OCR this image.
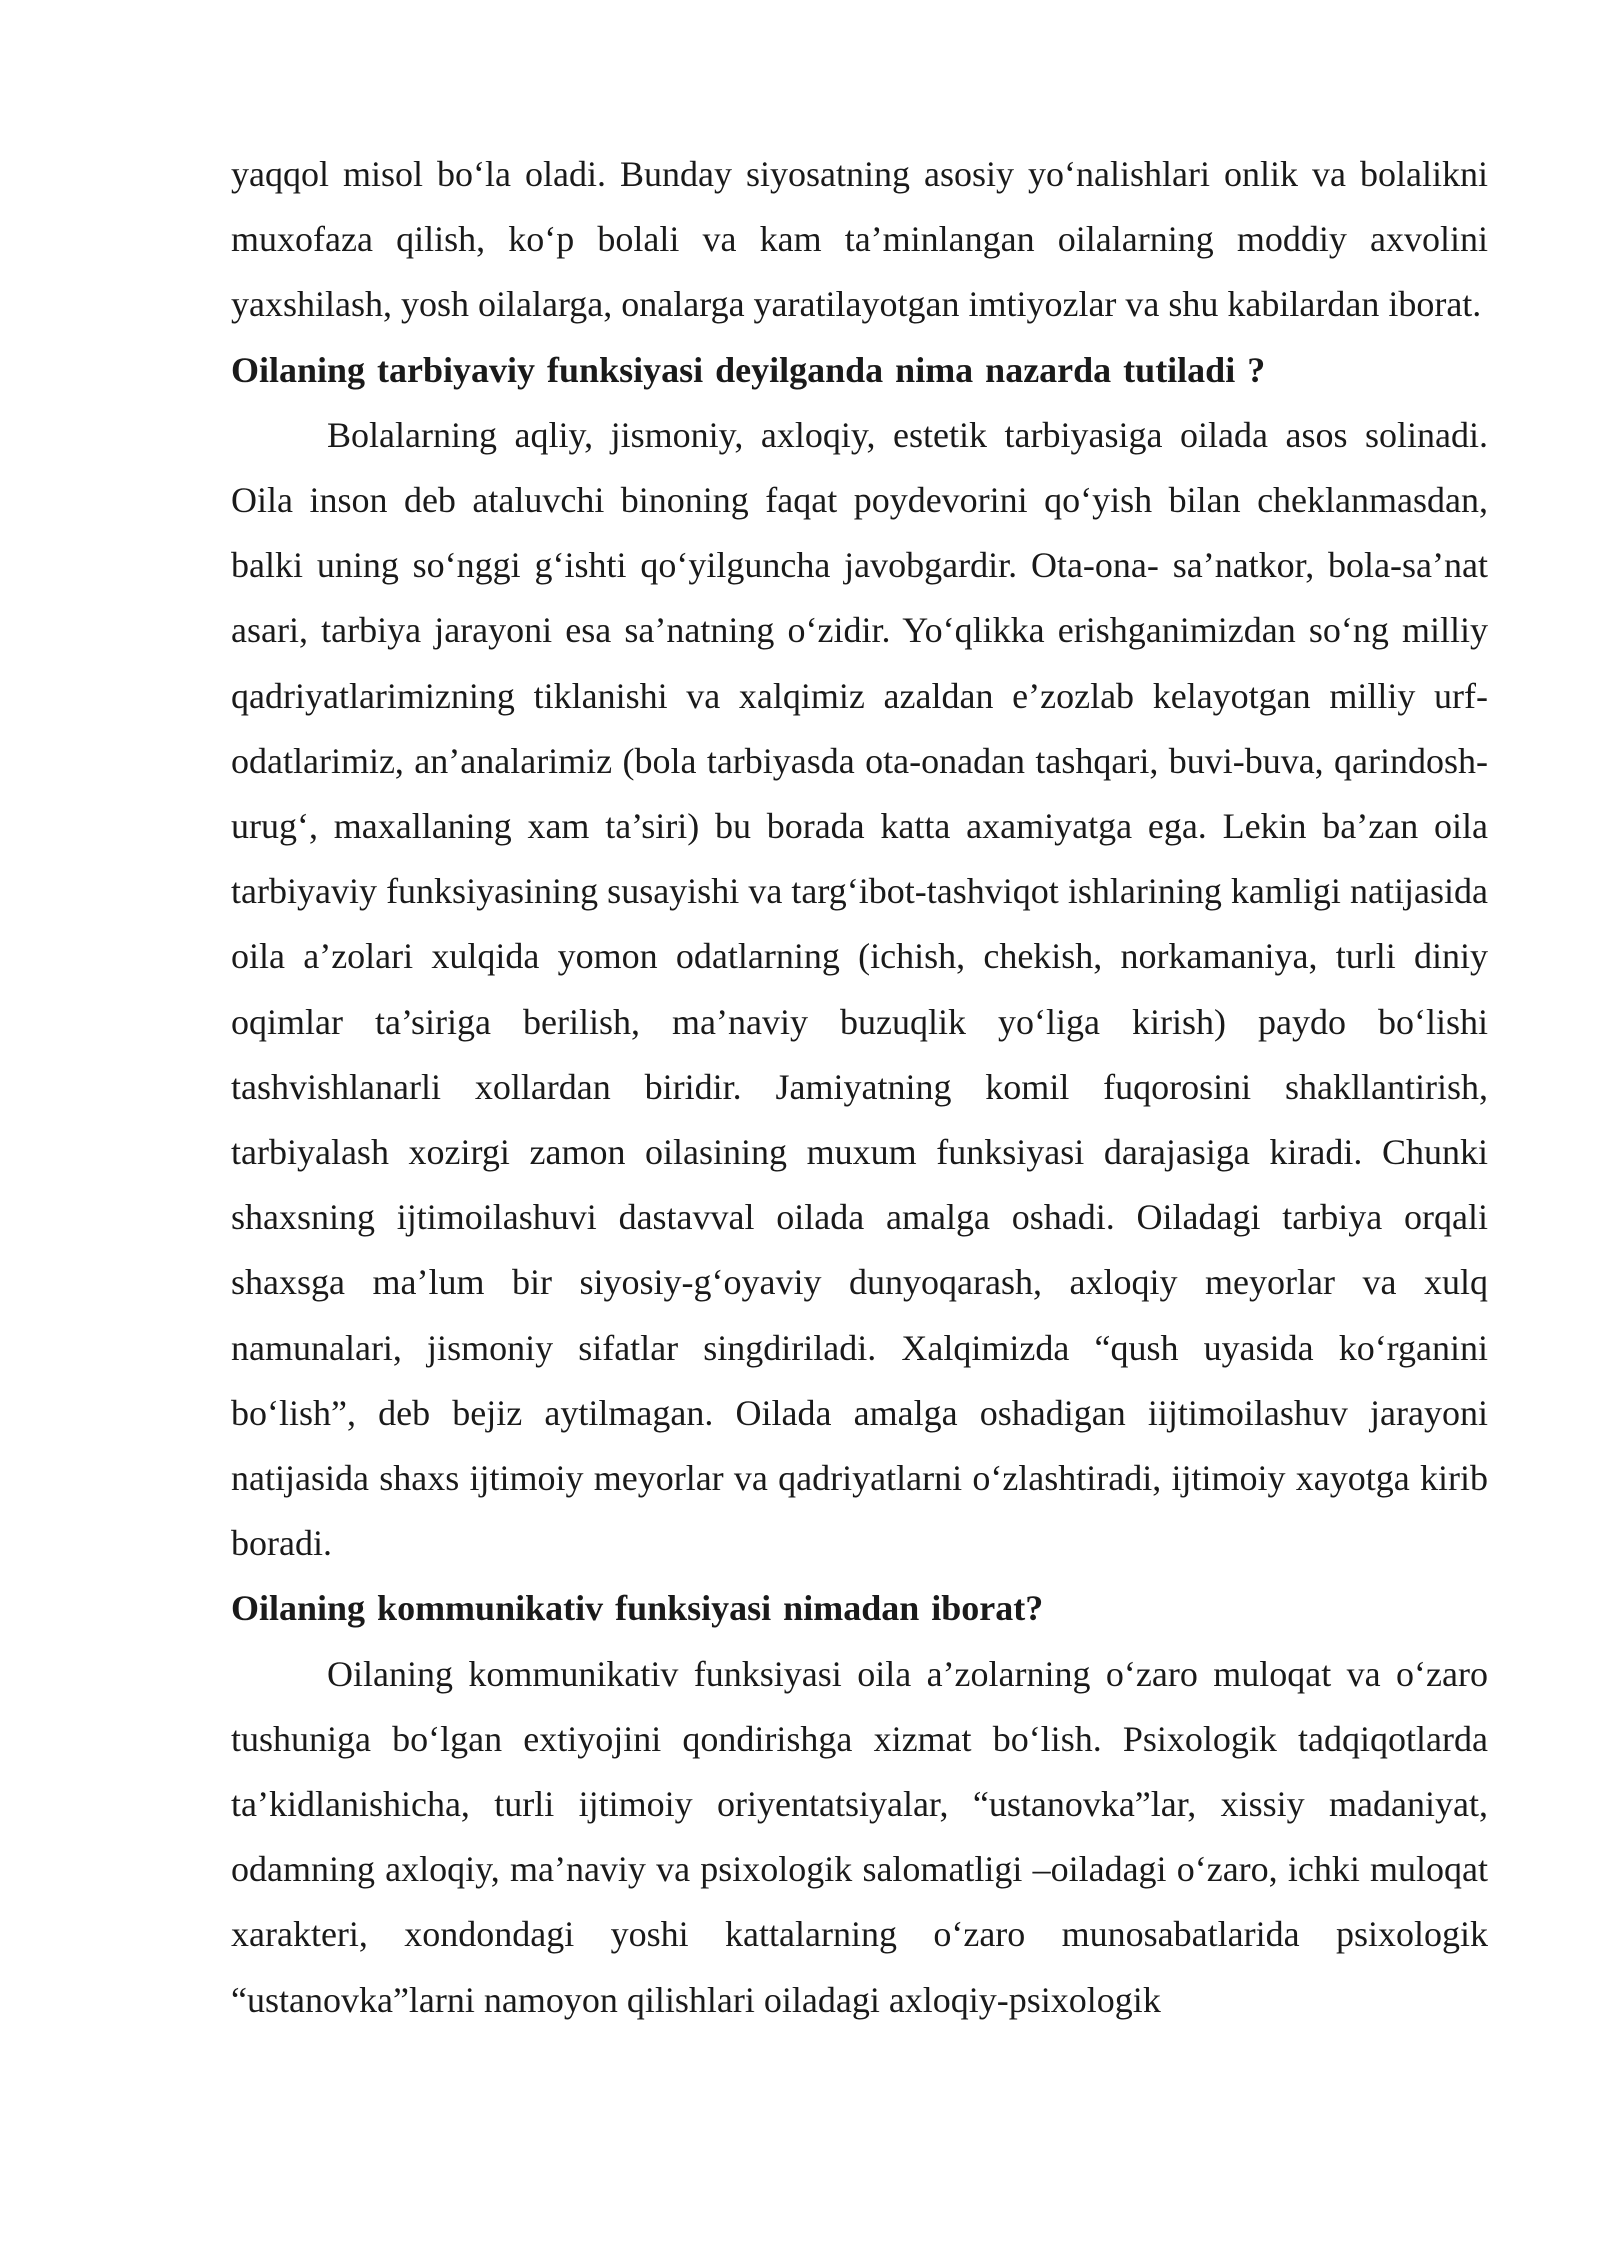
yaqqol misol bo‘la oladi. Bunday siyosatning asosiy yo‘nalishlari onlik va bolalikni muxofaza qilish, ko‘p bolali va kam ta’minlangan oilalarning moddiy axvolini yaxshilash, yosh oilalarga, onalarga yaratilayotgan imtiyozlar va shu kabilardan iborat.

Oilaning tarbiyaviy funksiyasi deyilganda nima nazarda tutiladi ?

Bolalarning aqliy, jismoniy, axloqiy, estetik tarbiyasiga oilada asos solinadi. Oila inson deb ataluvchi binoning faqat poydevorini qo‘yish bilan cheklanmasdan, balki uning so‘nggi g‘ishti qo‘yilguncha javobgardir. Ota-ona- sa’natkor, bola-sa’nat asari, tarbiya jarayoni esa sa’natning o‘zidir. Yo‘qlikka erishganimizdan so‘ng milliy qadriyatlarimizning tiklanishi va xalqimiz azaldan e’zozlab kelayotgan milliy urf-odatlarimiz, an’analarimiz (bola tarbiyasda ota-onadan tashqari, buvi-buva, qarindosh-urug‘, maxallaning xam ta’siri) bu borada katta axamiyatga ega. Lekin ba’zan oila tarbiyaviy funksiyasining susayishi va targ‘ibot-tashviqot ishlarining kamligi natijasida oila a’zolari xulqida yomon odatlarning (ichish, chekish, norkamaniya, turli diniy oqimlar ta’siriga berilish, ma’naviy buzuqlik yo‘liga kirish) paydo bo‘lishi tashvishlanarli xollardan biridir. Jamiyatning komil fuqorosini shakllantirish, tarbiyalash xozirgi zamon oilasining muxum funksiyasi darajasiga kiradi. Chunki shaxsning ijtimoilashuvi dastavval oilada amalga oshadi. Oiladagi tarbiya orqali shaxsga ma’lum bir siyosiy-g‘oyaviy dunyoqarash, axloqiy meyorlar va xulq namunalari, jismoniy sifatlar singdiriladi. Xalqimizda “qush uyasida ko‘rganini bo‘lish”, deb bejiz aytilmagan. Oilada amalga oshadigan iijtimoilashuv jarayoni natijasida shaxs ijtimoiy meyorlar va qadriyatlarni o‘zlashtiradi, ijtimoiy xayotga kirib boradi.

Oilaning kommunikativ funksiyasi nimadan iborat?

Oilaning kommunikativ funksiyasi oila a’zolarning o‘zaro muloqat va o‘zaro tushuniga bo‘lgan extiyojini qondirishga xizmat bo‘lish. Psixologik tadqiqotlarda ta’kidlanishicha, turli ijtimoiy oriyentatsiyalar, “ustanovka”lar, xissiy madaniyat, odamning axloqiy, ma’naviy va psixologik salomatligi –oiladagi o‘zaro, ichki muloqat xarakteri, xondondagi yoshi kattalarning o‘zaro munosabatlarida psixologik “ustanovka”larni namoyon qilishlari oiladagi axloqiy-psixologik
